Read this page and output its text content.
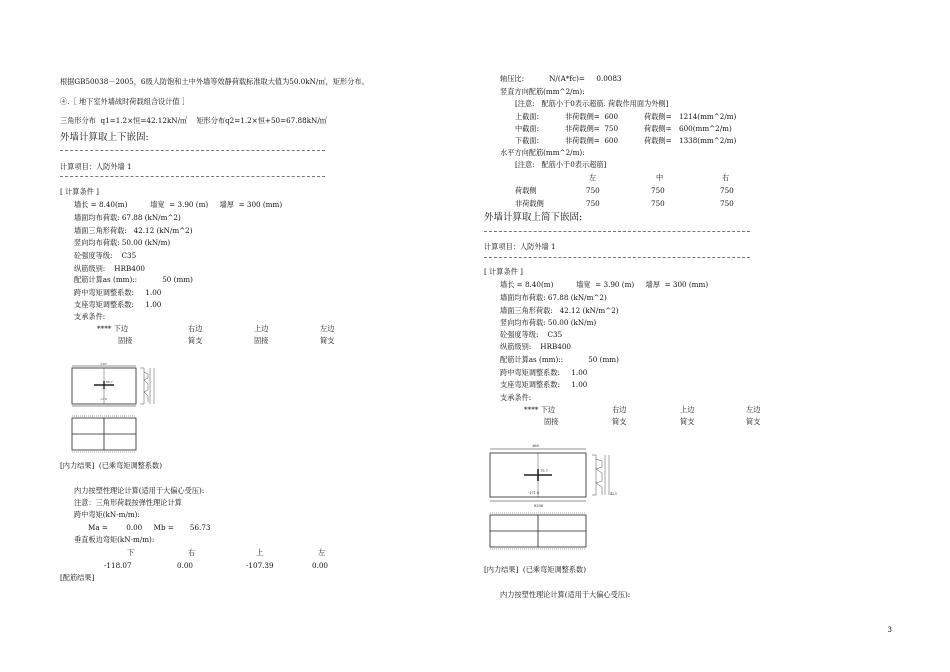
根据GB50038－2005，6级人防饱和土中外墙等效静荷载标准取大值为50.0kN/㎡，矩形分布。
④.［ 地下室外墙战时荷载组合设计值 ］
三角形分布  q1=1.2×恒=42.12kN/㎡    矩形分布q2=1.2×恒+50=67.88kN/㎡
外墙计算取上下嵌固:
计算项目：人防外墙 1
[ 计算条件 ]
墙长 = 8.40(m)          墙宽  = 3.90 (m)     墙厚  = 300 (mm)
墙面均布荷载: 67.88 (kN/m^2)
墙面三角形荷载:   42.12 (kN/m^2)
竖向均布荷载: 50.00 (kN/m)
砼强度等级:    C35
纵筋级别:    HRB400
配筋计算as (mm)::           50 (mm)
跨中弯矩调整系数:     1.00
支座弯矩调整系数:     1.00
支承条件:
**** 下边	右边	上边	左边
固接	简支	固接	简支
56.7
-118
-107
[内力结果]  (已乘弯矩调整系数)
内力按塑性理论计算(适用于大偏心受压):
注意：三角形荷载按弹性理论计算
跨中弯矩(kN-m/m):
Ma =        0.00     Mb =       56.73
垂直板边弯矩(kN-m/m):
下	右	上	左
-118.07	0.00	-107.39	0.00
[配筋结果]
轴压比:           N/(A*fc)=     0.0083
竖直方向配筋(mm^2/m):
[注意:   配筋小于0表示超筋. 荷载作用面为外侧]
上截面:	非荷载侧=  600	荷载侧= 1214(mm^2/m)
中截面:	非荷载侧=  750	荷载侧= 600(mm^2/m)
下截面:	非荷载侧=  600	荷载侧= 1338(mm^2/m)
水平方向配筋(mm^2/m):
[注意:   配筋小于0表示超筋]
左	中	右
荷载侧	750	750	750
非荷载侧	750	750	750
外墙计算取上简下嵌固:
计算项目：人防外墙 1
[ 计算条件 ]
墙长 = 8.40(m)          墙宽  = 3.90 (m)     墙厚  = 300 (mm)
墙面均布荷载: 67.88 (kN/m^2)
墙面三角形荷载:   42.12 (kN/m^2)
竖向均布荷载: 50.00 (kN/m)
砼强度等级:    C35
纵筋级别:    HRB400
配筋计算as (mm)::           50 (mm)
跨中弯矩调整系数:     1.00
支座弯矩调整系数:     1.00
支承条件:
**** 下边	右边	上边	左边
固接	简支	简支	简支
79.7
-171.0
368
8398
423
[内力结果]  (已乘弯矩调整系数)
内力按塑性理论计算(适用于大偏心受压):
3
